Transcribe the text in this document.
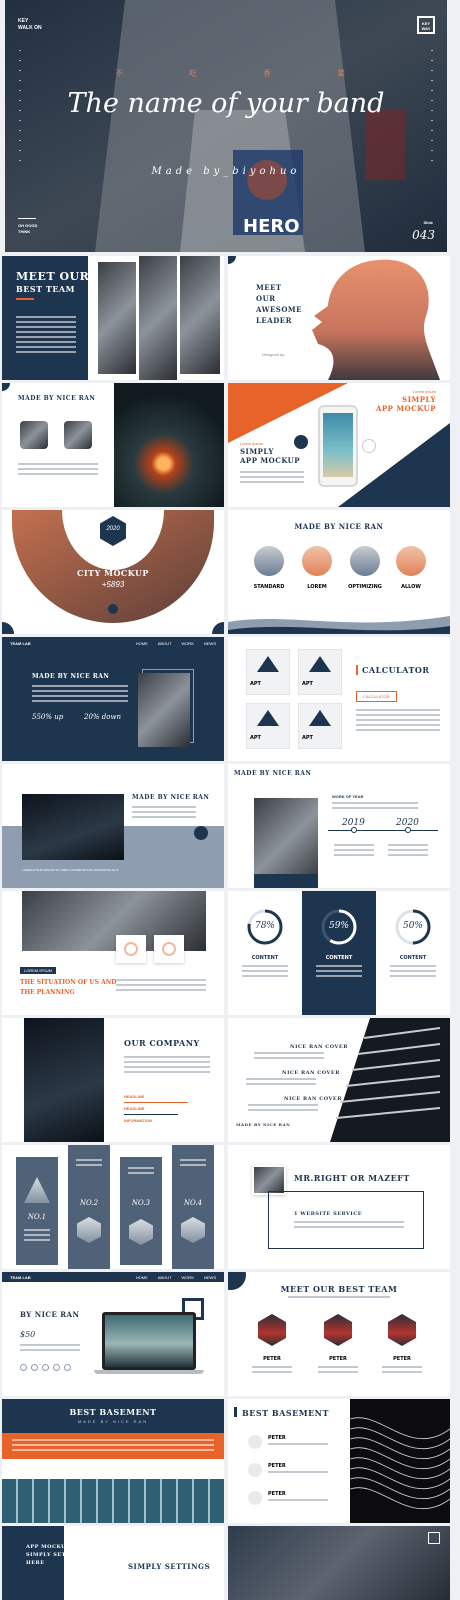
KEY
WALK ON
KEY
WAY
不	吃	香	菜
The name of your band
Made by_biyohuo
HERO
OH GOOD
THINK
Slide
043
MEET OUR
BEST TEAM	MEET
OUR
AWESOME
LEADER
Designed by..
MADE BY NICE RAN
Lorem ipsum
SIMPLY
APP MOCKUP
Lorem ipsum
SIMPLY
APP MOCKUP
2020
CITY MOCKUP
+5893
MADE BY NICE RAN
STANDARD	LOREM	OPTIMIZING	ALLOW
TEAM LAB	HOME	ABOUT	WORK	NEWS
MADE BY NICE RAN
550% up	20% down
APT	APT
APT	APT
CALCULATOR
CALCULATOR
MADE BY NICE RAN
LOREM IPSUM DOLOR SIT AMET CONSECTETUR ADIPISICING ELIT
MADE BY NICE RAN
WORK OF YEAR
2019	2020
LOREM IPSUM
THE SITUATION OF US AND
THE PLANNING
78%	59%	50%
CONTENT	CONTENT	CONTENT
OUR COMPANY
HEADLINE
HEADLINE
INFORMATION
NICE RAN COVER
NICE RAN COVER
NICE RAN COVER
MADE BY NICE RAN
NO.1
NO.2	NO.3	NO.4
MR.RIGHT OR MAZEFT
1 WEBSITE SERVICE
TEAM LAB	HOME	ABOUT	WORK	NEWS
BY NICE RAN
$50
MEET OUR BEST TEAM
PETER	PETER	PETER
BEST BASEMENT
MADE BY NICE RAN
BEST BASEMENT
PETER
PETER
PETER
APP MOCKUP
SIMPLY SETS
HERE	SIMPLY SETTINGS
